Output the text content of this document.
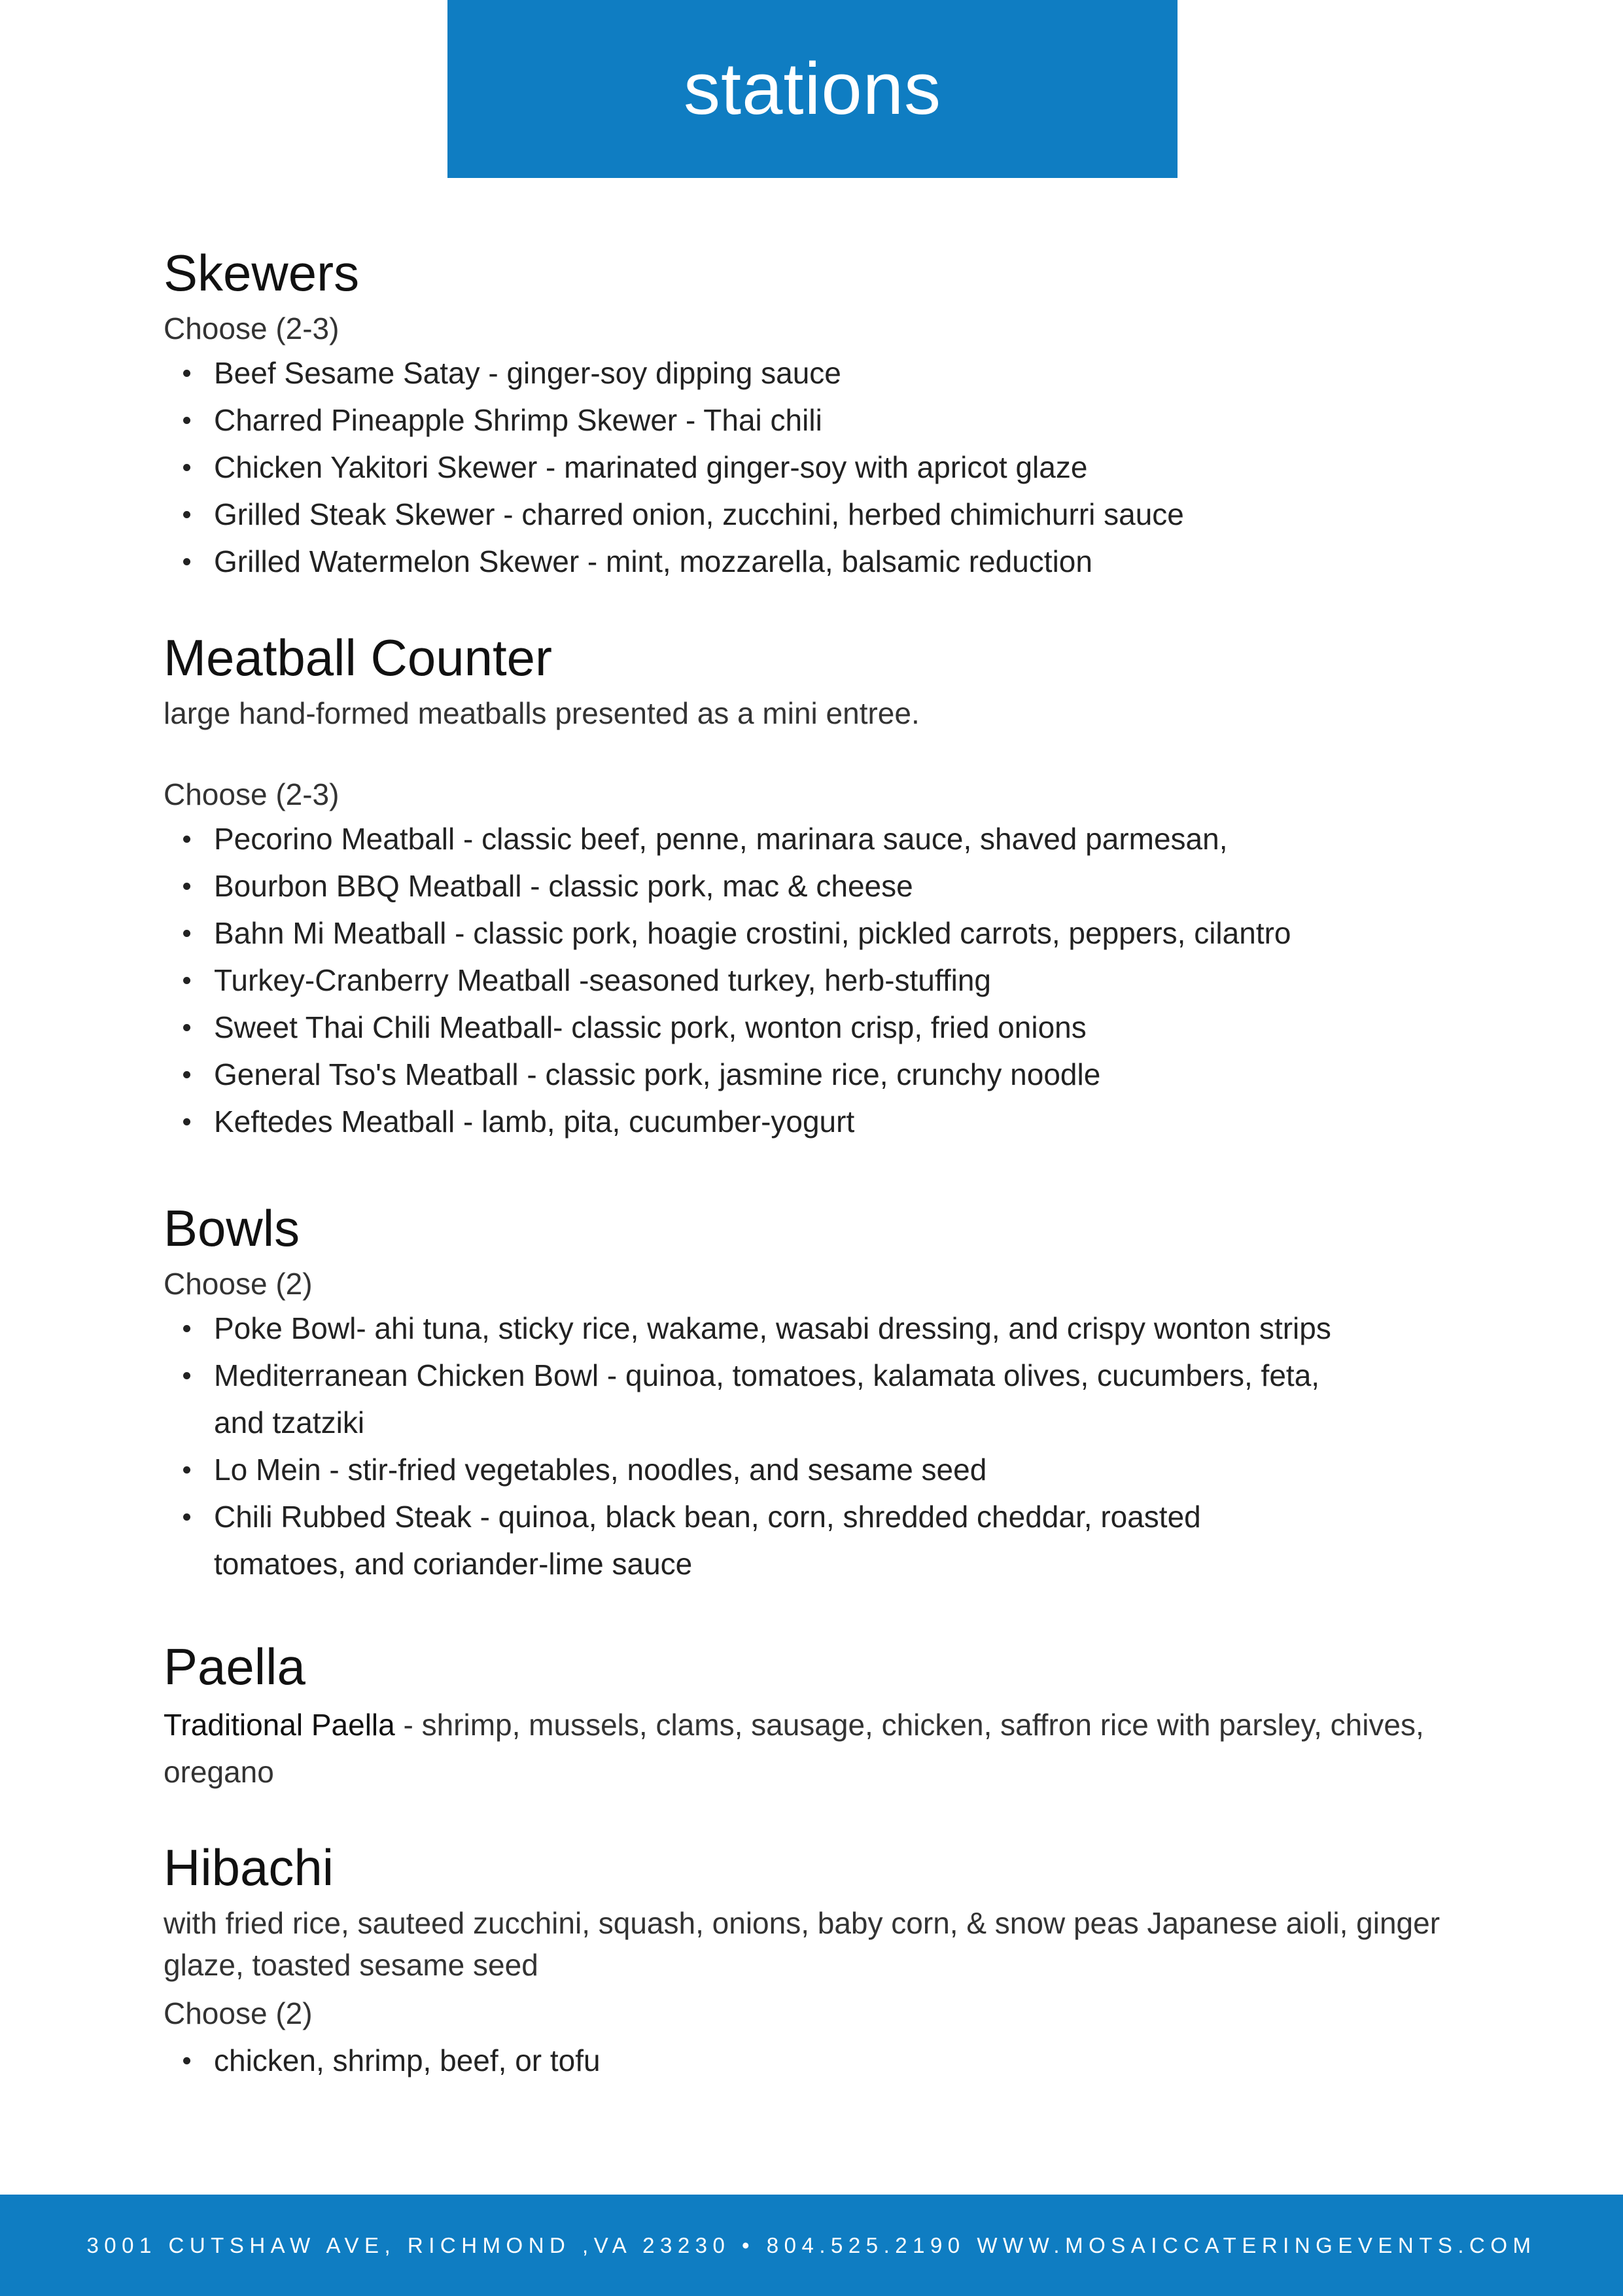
stations
Skewers

Choose (2-3)

Beef Sesame Satay - ginger-soy dipping sauce
Charred Pineapple Shrimp Skewer - Thai chili
Chicken Yakitori Skewer - marinated ginger-soy with apricot glaze
Grilled Steak Skewer - charred onion, zucchini, herbed chimichurri sauce
Grilled Watermelon Skewer - mint, mozzarella, balsamic reduction
Meatball Counter

large hand-formed meatballs presented as a mini entree.

Choose (2-3)

Pecorino Meatball - classic beef, penne, marinara sauce, shaved parmesan,
Bourbon BBQ Meatball - classic pork, mac & cheese
Bahn Mi Meatball - classic pork, hoagie crostini, pickled carrots, peppers, cilantro
Turkey-Cranberry Meatball -seasoned turkey, herb-stuffing
Sweet Thai Chili Meatball- classic pork, wonton crisp, fried onions
General Tso's Meatball - classic pork, jasmine rice, crunchy noodle
Keftedes Meatball - lamb, pita, cucumber-yogurt
Bowls

Choose (2)

Poke Bowl- ahi tuna, sticky rice, wakame, wasabi dressing, and crispy wonton strips
Mediterranean Chicken Bowl - quinoa, tomatoes, kalamata olives, cucumbers, feta, and tzatziki
Lo Mein - stir-fried vegetables, noodles, and sesame seed
Chili Rubbed Steak - quinoa, black bean, corn, shredded cheddar, roasted tomatoes, and coriander-lime sauce
Paella

Traditional Paella - shrimp, mussels, clams, sausage, chicken, saffron rice with parsley, chives, oregano

Hibachi

with fried rice, sauteed zucchini, squash, onions, baby corn, & snow peas Japanese aioli, ginger glaze, toasted sesame seed

Choose (2)

chicken, shrimp, beef, or tofu
3001 CUTSHAW AVE, RICHMOND ,VA 23230 • 804.525.2190 WWW.MOSAICCATERINGEVENTS.COM
